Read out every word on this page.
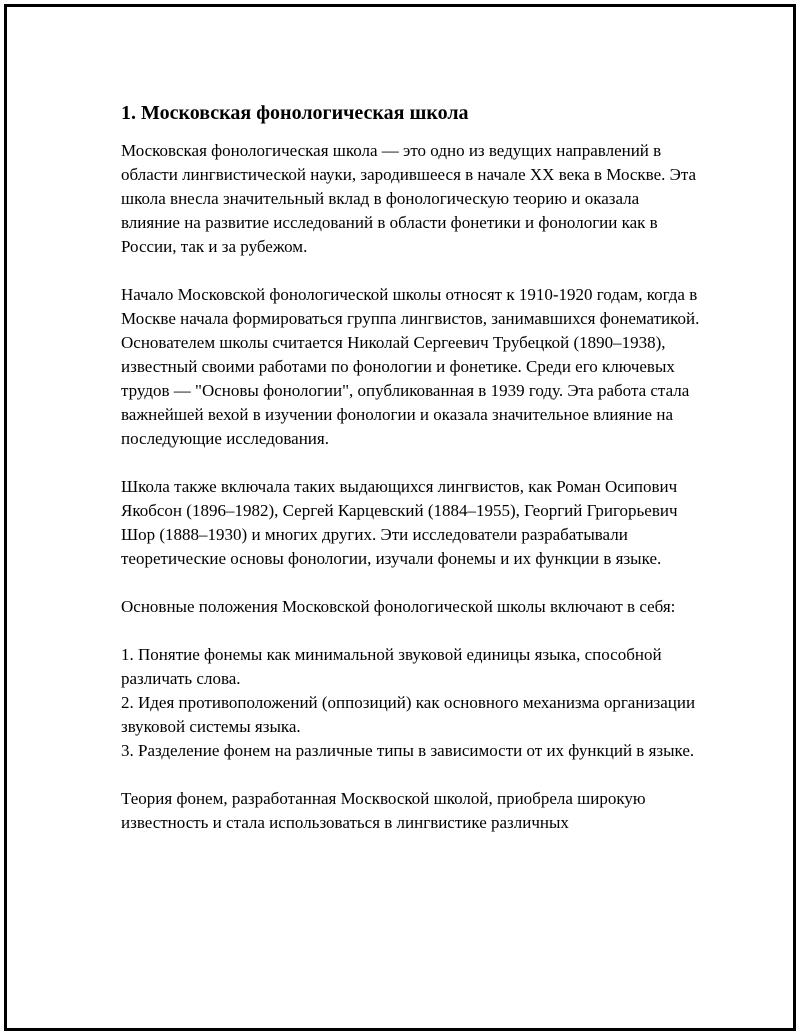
1. Московская фонологическая школа

Московская фонологическая школа — это одно из ведущих направлений в области лингвистической науки, зародившееся в начале XX века в Москве. Эта школа внесла значительный вклад в фонологическую теорию и оказала влияние на развитие исследований в области фонетики и фонологии как в России, так и за рубежом.

Начало Московской фонологической школы относят к 1910-1920 годам, когда в Москве начала формироваться группа лингвистов, занимавшихся фонематикой. Основателем школы считается Николай Сергеевич Трубецкой (1890–1938), известный своими работами по фонологии и фонетике. Среди его ключевых трудов — "Основы фонологии", опубликованная в 1939 году. Эта работа стала важнейшей вехой в изучении фонологии и оказала значительное влияние на последующие исследования.

Школа также включала таких выдающихся лингвистов, как Роман Осипович Якобсон (1896–1982), Сергей Карцевский (1884–1955), Георгий Григорьевич Шор (1888–1930) и многих других. Эти исследователи разрабатывали теоретические основы фонологии, изучали фонемы и их функции в языке.

Основные положения Московской фонологической школы включают в себя:

1. Понятие фонемы как минимальной звуковой единицы языка, способной различать слова.
2. Идея противоположений (оппозиций) как основного механизма организации звуковой системы языка.
3. Разделение фонем на различные типы в зависимости от их функций в языке.

Теория фонем, разработанная Москвоской школой, приобрела широкую известность и стала использоваться в лингвистике различных
